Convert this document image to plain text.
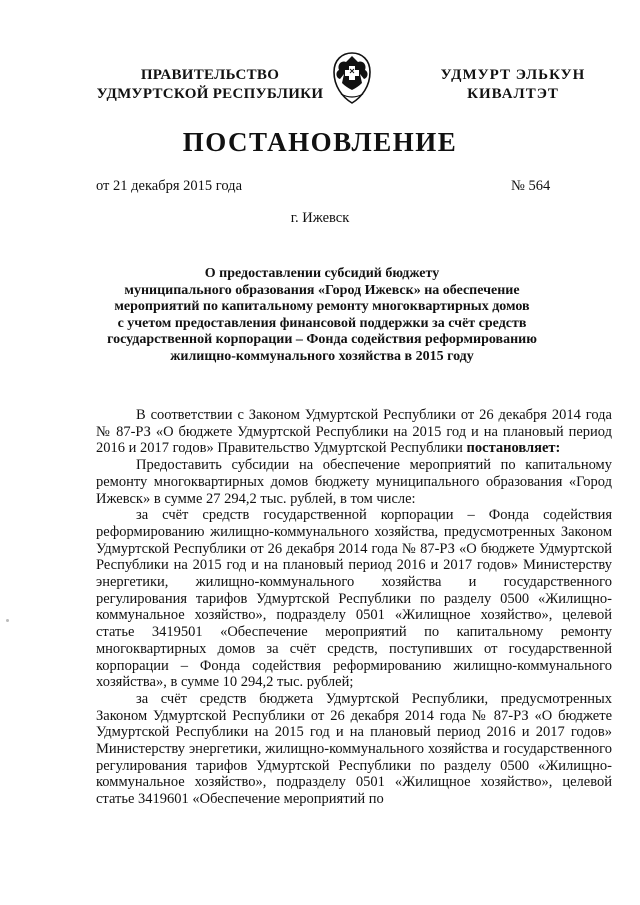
ПРАВИТЕЛЬСТВО
УДМУРТСКОЙ РЕСПУБЛИКИ
УДМУРТ ЭЛЬКУН
КИВАЛТЭТ
ПОСТАНОВЛЕНИЕ
от 21 декабря 2015 года	№ 564
г. Ижевск
О предоставлении субсидий бюджету
муниципального образования «Город Ижевск» на обеспечение
мероприятий по капитальному ремонту многоквартирных домов
с учетом предоставления финансовой поддержки за счёт средств
государственной корпорации – Фонда содействия реформированию
жилищно-коммунального хозяйства в 2015 году

В соответствии с Законом Удмуртской Республики от 26 декабря 2014 года № 87-РЗ «О бюджете Удмуртской Республики на 2015 год и на плановый период 2016 и 2017 годов» Правительство Удмуртской Республики постановляет:

Предоставить субсидии на обеспечение мероприятий по капитальному ремонту многоквартирных домов бюджету муниципального образования «Город Ижевск» в сумме 27 294,2 тыс. рублей, в том числе:

за счёт средств государственной корпорации – Фонда содействия реформированию жилищно-коммунального хозяйства, предусмотренных Законом Удмуртской Республики от 26 декабря 2014 года № 87-РЗ «О бюджете Удмуртской Республики на 2015 год и на плановый период 2016 и 2017 годов» Министерству энергетики, жилищно-коммунального хозяйства и государственного регулирования тарифов Удмуртской Республики по разделу 0500 «Жилищно-коммунальное хозяйство», подразделу 0501 «Жилищное хозяйство», целевой статье 3419501 «Обеспечение мероприятий по капитальному ремонту многоквартирных домов за счёт средств, поступивших от государственной корпорации – Фонда содействия реформированию жилищно-коммунального хозяйства», в сумме 10 294,2 тыс. рублей;

за счёт средств бюджета Удмуртской Республики, предусмотренных Законом Удмуртской Республики от 26 декабря 2014 года № 87-РЗ «О бюджете Удмуртской Республики на 2015 год и на плановый период 2016 и 2017 годов» Министерству энергетики, жилищно-коммунального хозяйства и государственного регулирования тарифов Удмуртской Республики по разделу 0500 «Жилищно-коммунальное хозяйство», подразделу 0501 «Жилищное хозяйство», целевой статье 3419601 «Обеспечение мероприятий по
